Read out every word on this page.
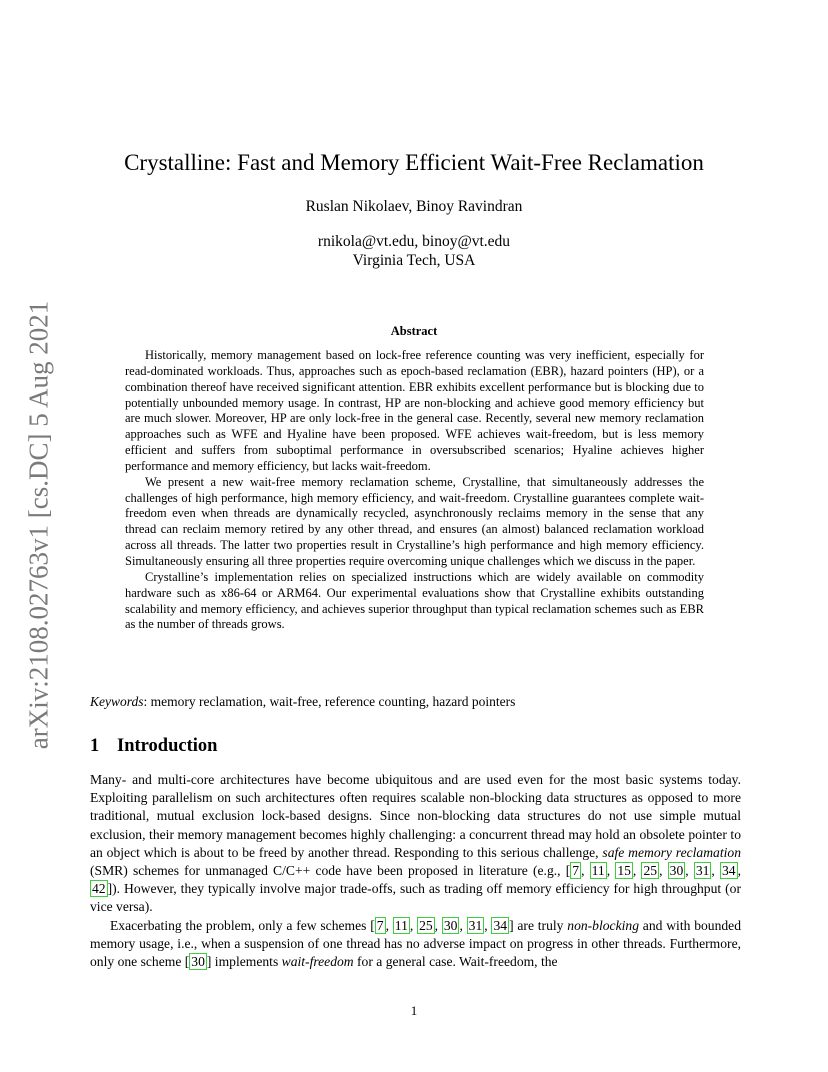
arXiv:2108.02763v1 [cs.DC] 5 Aug 2021
Crystalline: Fast and Memory Efficient Wait-Free Reclamation
Ruslan Nikolaev, Binoy Ravindran
rnikola@vt.edu, binoy@vt.edu
Virginia Tech, USA
Abstract

Historically, memory management based on lock-free reference counting was very inefficient, especially for read-dominated workloads. Thus, approaches such as epoch-based reclamation (EBR), hazard pointers (HP), or a combination thereof have received significant attention. EBR exhibits excellent performance but is blocking due to potentially unbounded memory usage. In contrast, HP are non-blocking and achieve good memory efficiency but are much slower. Moreover, HP are only lock-free in the general case. Recently, several new memory reclamation approaches such as WFE and Hyaline have been proposed. WFE achieves wait-freedom, but is less memory efficient and suffers from suboptimal performance in oversubscribed scenarios; Hyaline achieves higher performance and memory efficiency, but lacks wait-freedom.

We present a new wait-free memory reclamation scheme, Crystalline, that simultaneously addresses the challenges of high performance, high memory efficiency, and wait-freedom. Crystalline guarantees complete wait-freedom even when threads are dynamically recycled, asynchronously reclaims memory in the sense that any thread can reclaim memory retired by any other thread, and ensures (an almost) balanced reclamation workload across all threads. The latter two properties result in Crystalline’s high performance and high memory efficiency. Simultaneously ensuring all three properties require overcoming unique challenges which we discuss in the paper.

Crystalline’s implementation relies on specialized instructions which are widely available on commodity hardware such as x86-64 or ARM64. Our experimental evaluations show that Crystalline exhibits outstanding scalability and memory efficiency, and achieves superior throughput than typical reclamation schemes such as EBR as the number of threads grows.

Keywords: memory reclamation, wait-free, reference counting, hazard pointers
1 Introduction

Many- and multi-core architectures have become ubiquitous and are used even for the most basic systems today. Exploiting parallelism on such architectures often requires scalable non-blocking data structures as opposed to more traditional, mutual exclusion lock-based designs. Since non-blocking data structures do not use simple mutual exclusion, their memory management becomes highly challenging: a concurrent thread may hold an obsolete pointer to an object which is about to be freed by another thread. Responding to this serious challenge, safe memory reclamation (SMR) schemes for unmanaged C/C++ code have been proposed in literature (e.g., [ 7 , 11 , 15 , 25 , 30 , 31 , 34 , 42 ]). However, they typically involve major trade-offs, such as trading off memory efficiency for high throughput (or vice versa).

Exacerbating the problem, only a few schemes [ 7 , 11 , 25 , 30 , 31 , 34 ] are truly non-blocking and with bounded memory usage, i.e., when a suspension of one thread has no adverse impact on progress in other threads. Furthermore, only one scheme [ 30 ] implements wait-freedom for a general case. Wait-freedom, the

1
